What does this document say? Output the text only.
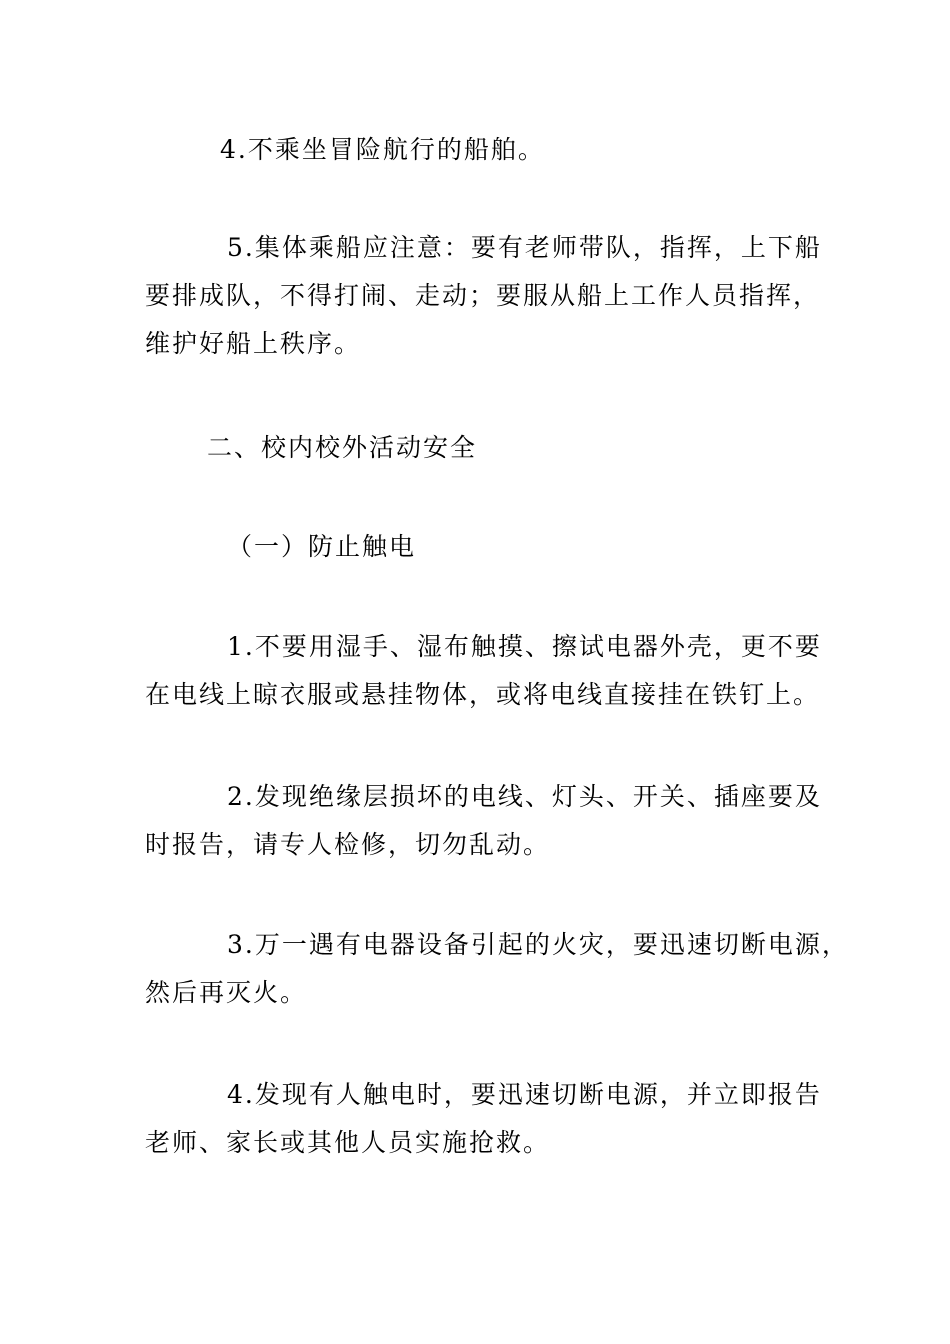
4.不乘坐冒险航行的船舶。
5.集体乘船应注意：要有老师带队，指挥，上下船
要排成队，不得打闹、走动；要服从船上工作人员指挥，
维护好船上秩序。
二、校内校外活动安全
（一）防止触电
1.不要用湿手、湿布触摸、擦试电器外壳，更不要
在电线上晾衣服或悬挂物体，或将电线直接挂在铁钉上。
2.发现绝缘层损坏的电线、灯头、开关、插座要及
时报告，请专人检修，切勿乱动。
3.万一遇有电器设备引起的火灾，要迅速切断电源，
然后再灭火。
4.发现有人触电时，要迅速切断电源，并立即报告
老师、家长或其他人员实施抢救。
